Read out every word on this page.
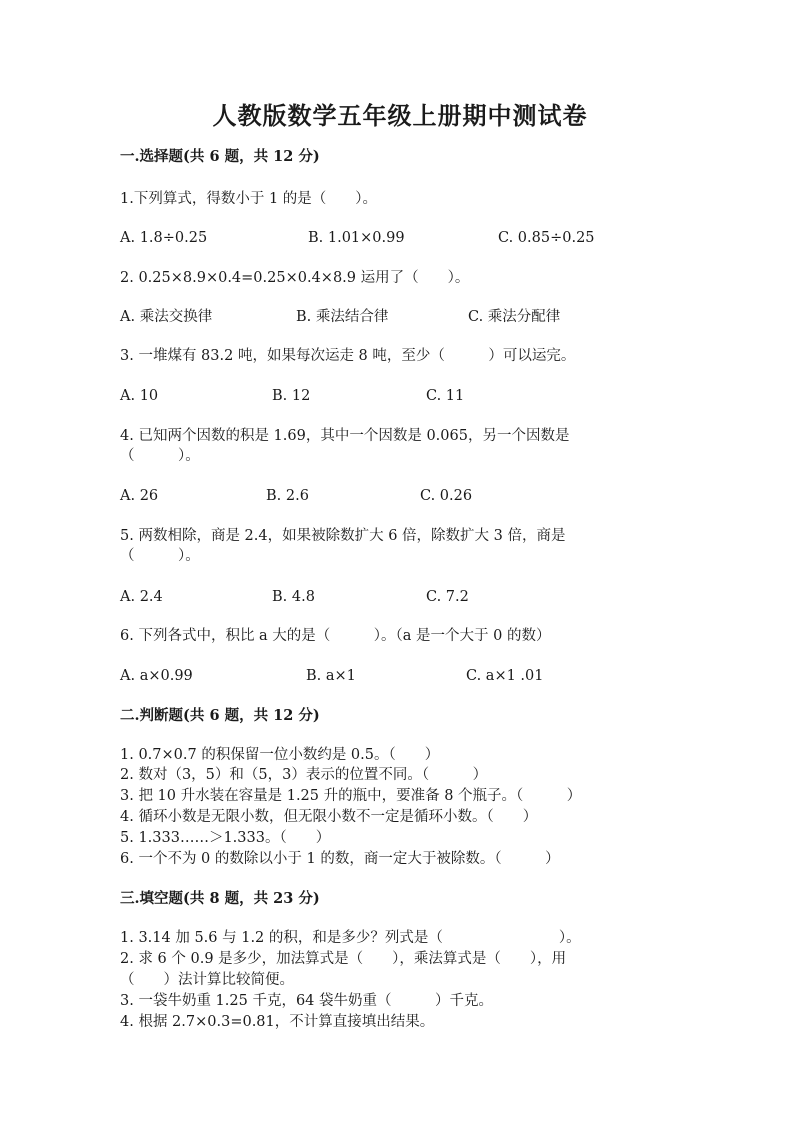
人教版数学五年级上册期中测试卷
一.选择题(共 6 题，共 12 分)
1.下列算式，得数小于 1 的是（　　）。
A. 1.8÷0.25	B. 1.01×0.99	C. 0.85÷0.25
2. 0.25×8.9×0.4=0.25×0.4×8.9 运用了（　　）。
A. 乘法交换律	B. 乘法结合律	C. 乘法分配律
3. 一堆煤有 83.2 吨，如果每次运走 8 吨，至少（　　　）可以运完。
A. 10	B. 12	C. 11
4. 已知两个因数的积是 1.69，其中一个因数是 0.065，另一个因数是
（　　　）。
A. 26	B. 2.6	C. 0.26
5. 两数相除，商是 2.4，如果被除数扩大 6 倍，除数扩大 3 倍，商是
（　　　）。
A. 2.4	B. 4.8	C. 7.2
6. 下列各式中，积比 a 大的是（　　　）。（a 是一个大于 0 的数）
A. a×0.99	B. a×1	C. a×1 .01
二.判断题(共 6 题，共 12 分)
1. 0.7×0.7 的积保留一位小数约是 0.5。（　　）
2. 数对（3，5）和（5，3）表示的位置不同。（　　　）
3. 把 10 升水装在容量是 1.25 升的瓶中，要准备 8 个瓶子。（　　　）
4. 循环小数是无限小数，但无限小数不一定是循环小数。（　　）
5. 1.333……＞1.333。（　　）
6. 一个不为 0 的数除以小于 1 的数，商一定大于被除数。（　　　）
三.填空题(共 8 题，共 23 分)
1. 3.14 加 5.6 与 1.2 的积，和是多少？列式是（　　　　　　　　）。
2. 求 6 个 0.9 是多少，加法算式是（　　），乘法算式是（　　），用
（　　）法计算比较简便。
3. 一袋牛奶重 1.25 千克，64 袋牛奶重（　　　）千克。
4. 根据 2.7×0.3=0.81，不计算直接填出结果。
